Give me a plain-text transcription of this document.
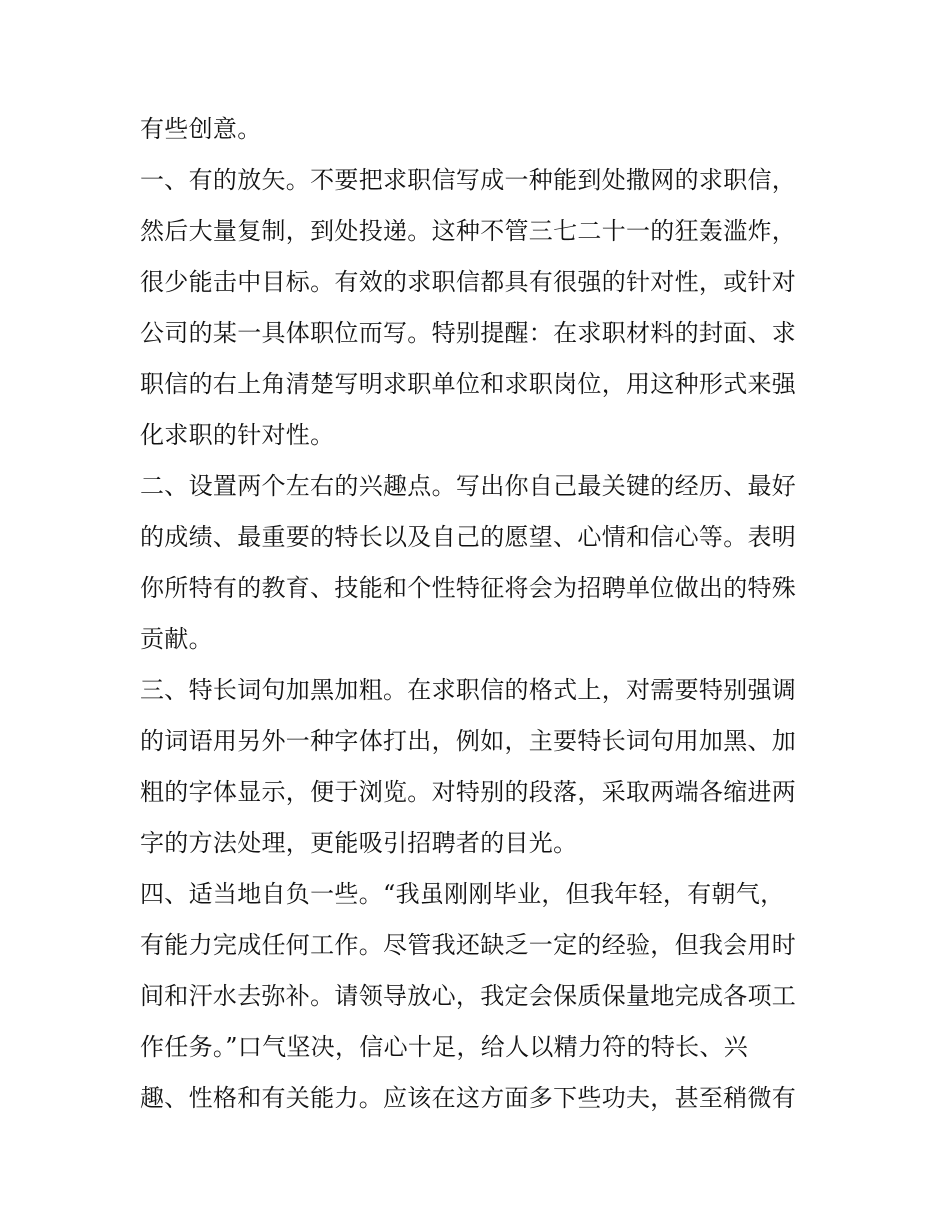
有些创意。
一、有的放矢。不要把求职信写成一种能到处撒网的求职信，
然后大量复制，到处投递。这种不管三七二十一的狂轰滥炸，
很少能击中目标。有效的求职信都具有很强的针对性，或针对
公司的某一具体职位而写。特别提醒：在求职材料的封面、求
职信的右上角清楚写明求职单位和求职岗位，用这种形式来强
化求职的针对性。
二、设置两个左右的兴趣点。写出你自己最关键的经历、最好
的成绩、最重要的特长以及自己的愿望、心情和信心等。表明
你所特有的教育、技能和个性特征将会为招聘单位做出的特殊
贡献。
三、特长词句加黑加粗。在求职信的格式上，对需要特别强调
的词语用另外一种字体打出，例如，主要特长词句用加黑、加
粗的字体显示，便于浏览。对特别的段落，采取两端各缩进两
字的方法处理，更能吸引招聘者的目光。
四、适当地自负一些。“我虽刚刚毕业，但我年轻，有朝气，
有能力完成任何工作。尽管我还缺乏一定的经验，但我会用时
间和汗水去弥补。请领导放心，我定会保质保量地完成各项工
作任务。”口气坚决，信心十足，给人以精力符的特长、兴
趣、性格和有关能力。应该在这方面多下些功夫，甚至稍微有
